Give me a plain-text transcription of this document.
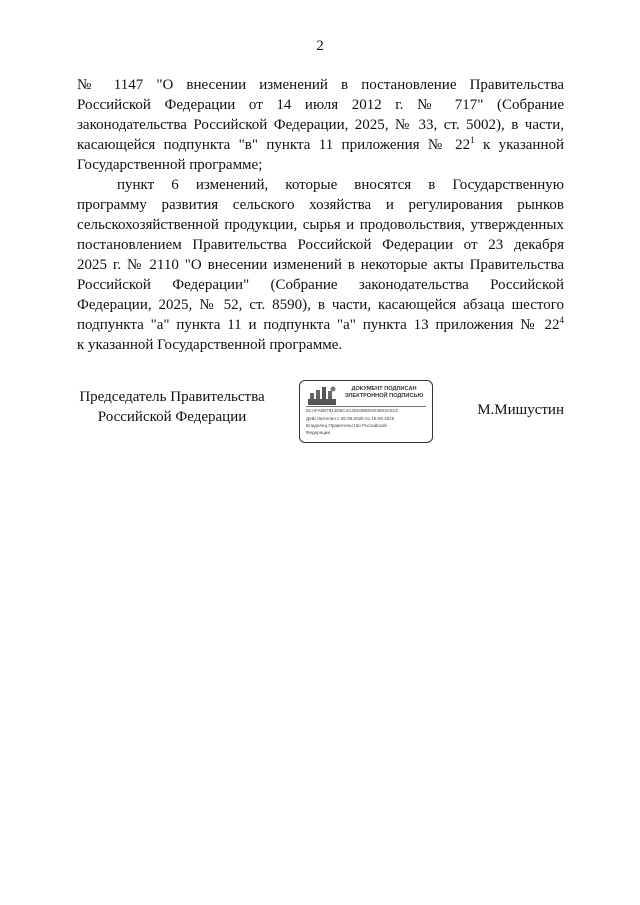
2
№ 1147 "О внесении изменений в постановление Правительства
Российской Федерации от 14 июля 2012 г. № 717" (Собрание
законодательства Российской Федерации, 2025, № 33, ст. 5002), в части,
касающейся подпункта "в" пункта 11 приложения № $22^1$ к указанной
Государственной программе;
пункт 6 изменений, которые вносятся в Государственную
программу развития сельского хозяйства и регулирования рынков
сельскохозяйственной продукции, сырья и продовольствия, утвержденных
постановлением Правительства Российской Федерации от 23 декабря
2025 г. № 2110 "О внесении изменений в некоторые акты Правительства
Российской Федерации" (Собрание законодательства Российской
Федерации, 2025, № 52, ст. 8590), в части, касающейся абзаца шестого
подпункта "а" пункта 11 и подпункта "а" пункта 13 приложения № $22^4$
к указанной Государственной программе.
Председатель Правительства
Российской Федерации
ДОКУМЕНТ ПОДПИСАН
ЭЛЕКТРОННОЙ ПОДПИСЬЮ
5CAFA6B7812D6C4A2D04BEE604903C813
Действителен с 26.06.2025 по 19.09.2026
Владелец Правительство Российской
Федерации
М.Мишустин
